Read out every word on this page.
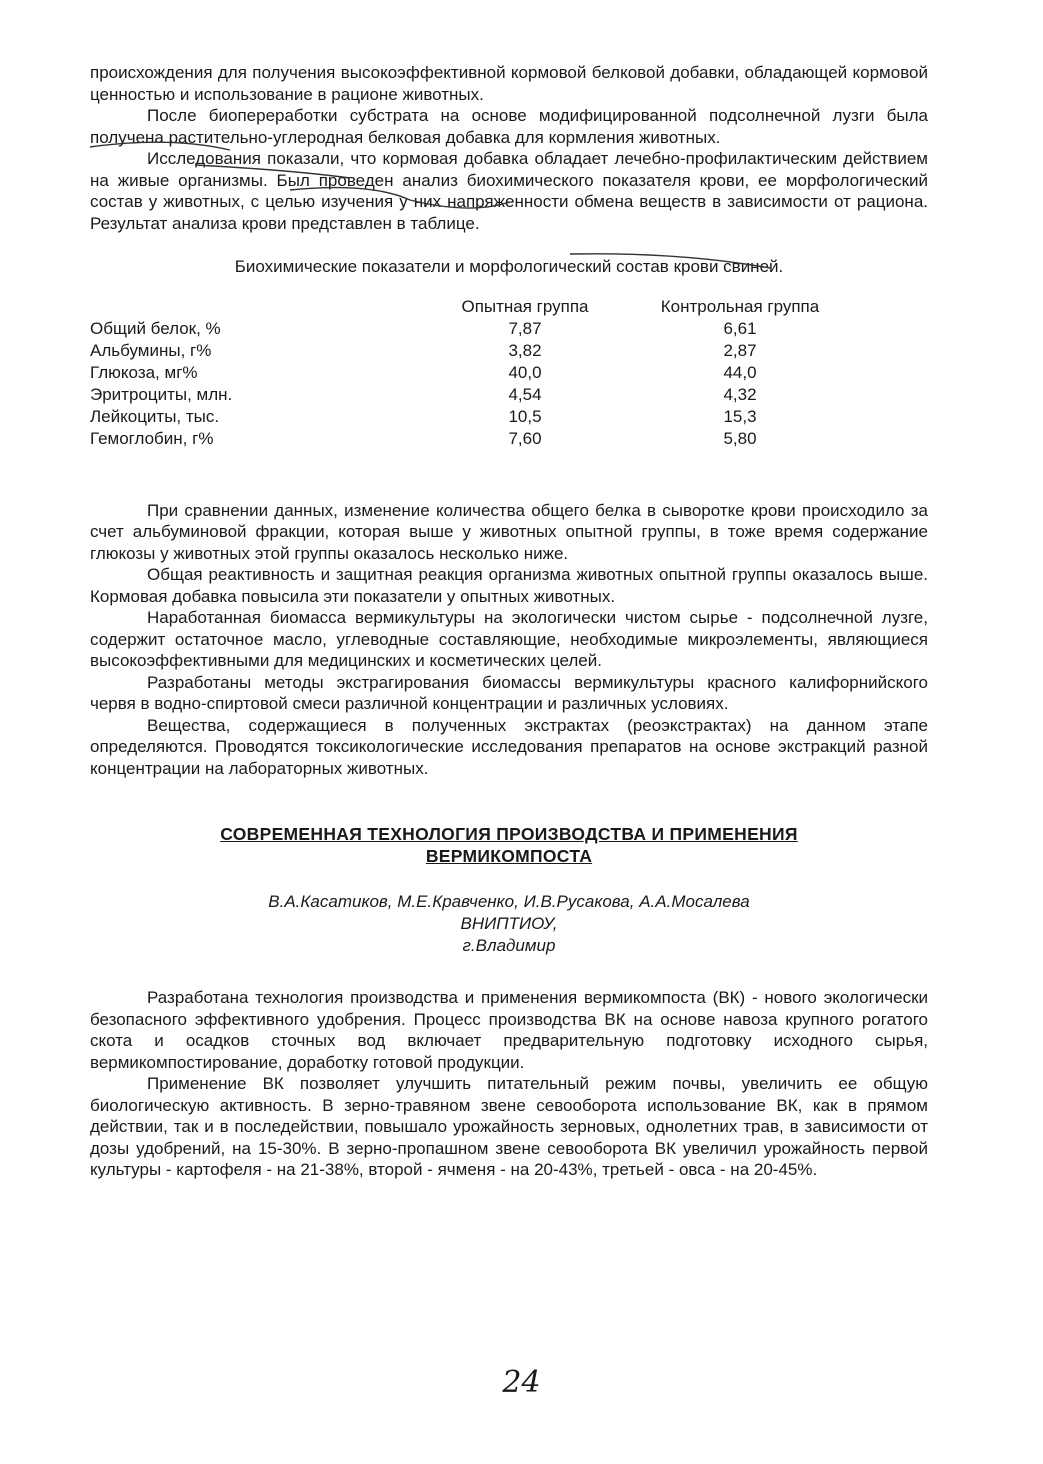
происхождения для получения высокоэффективной кормовой белковой добавки, обладающей кормовой ценностью и использование в рационе животных.

После биопереработки субстрата на основе модифицированной подсолнечной лузги была получена растительно-углеродная белковая добавка для кормления животных.

Исследования показали, что кормовая добавка обладает лечебно-профилактическим действием на живые организмы. Был проведен анализ биохимического показателя крови, ее морфологический состав у животных, с целью изучения у них напряженности обмена веществ в зависимости от рациона. Результат анализа крови представлен в таблице.

Биохимические показатели и морфологический состав крови свиней.

	Опытная группа	Контрольная группа
Общий белок, %	7,87	6,61
Альбумины, г%	3,82	2,87
Глюкоза, мг%	40,0	44,0
Эритроциты, млн.	4,54	4,32
Лейкоциты, тыс.	10,5	15,3
Гемоглобин, г%	7,60	5,80

При сравнении данных, изменение количества общего белка в сыворотке крови происходило за счет альбуминовой фракции, которая выше у животных опытной группы, в тоже время содержание глюкозы у животных этой группы оказалось несколько ниже.

Общая реактивность и защитная реакция организма животных опытной группы оказалось выше. Кормовая добавка повысила эти показатели у опытных животных.

Наработанная биомасса вермикультуры на экологически чистом сырье - подсолнечной лузге, содержит остаточное масло, углеводные составляющие, необходимые микроэлементы, являющиеся высокоэффективными для медицинских и косметических целей.

Разработаны методы экстрагирования биомассы вермикультуры красного калифорнийского червя в водно-спиртовой смеси различной концентрации и различных условиях.

Вещества, содержащиеся в полученных экстрактах (реоэкстрактах) на данном этапе определяются. Проводятся токсикологические исследования препаратов на основе экстракций разной концентрации на лабораторных животных.

СОВРЕМЕННАЯ ТЕХНОЛОГИЯ ПРОИЗВОДСТВА И ПРИМЕНЕНИЯ
ВЕРМИКОМПОСТА
В.А.Касатиков, М.Е.Кравченко, И.В.Русакова, А.А.Мосалева
ВНИПТИОУ,
г.Владимир

Разработана технология производства и применения вермикомпоста (ВК) - нового экологически безопасного эффективного удобрения. Процесс производства ВК на основе навоза крупного рогатого скота и осадков сточных вод включает предварительную подготовку исходного сырья, вермикомпостирование, доработку готовой продукции.

Применение ВК позволяет улучшить питательный режим почвы, увеличить ее общую биологическую активность. В зерно-травяном звене севооборота использование ВК, как в прямом действии, так и в последействии, повышало урожайность зерновых, однолетних трав, в зависимости от дозы удобрений, на 15-30%. В зерно-пропашном звене севооборота ВК увеличил урожайность первой культуры - картофеля - на 21-38%, второй - ячменя - на 20-43%, третьей - овса - на 20-45%.

24
